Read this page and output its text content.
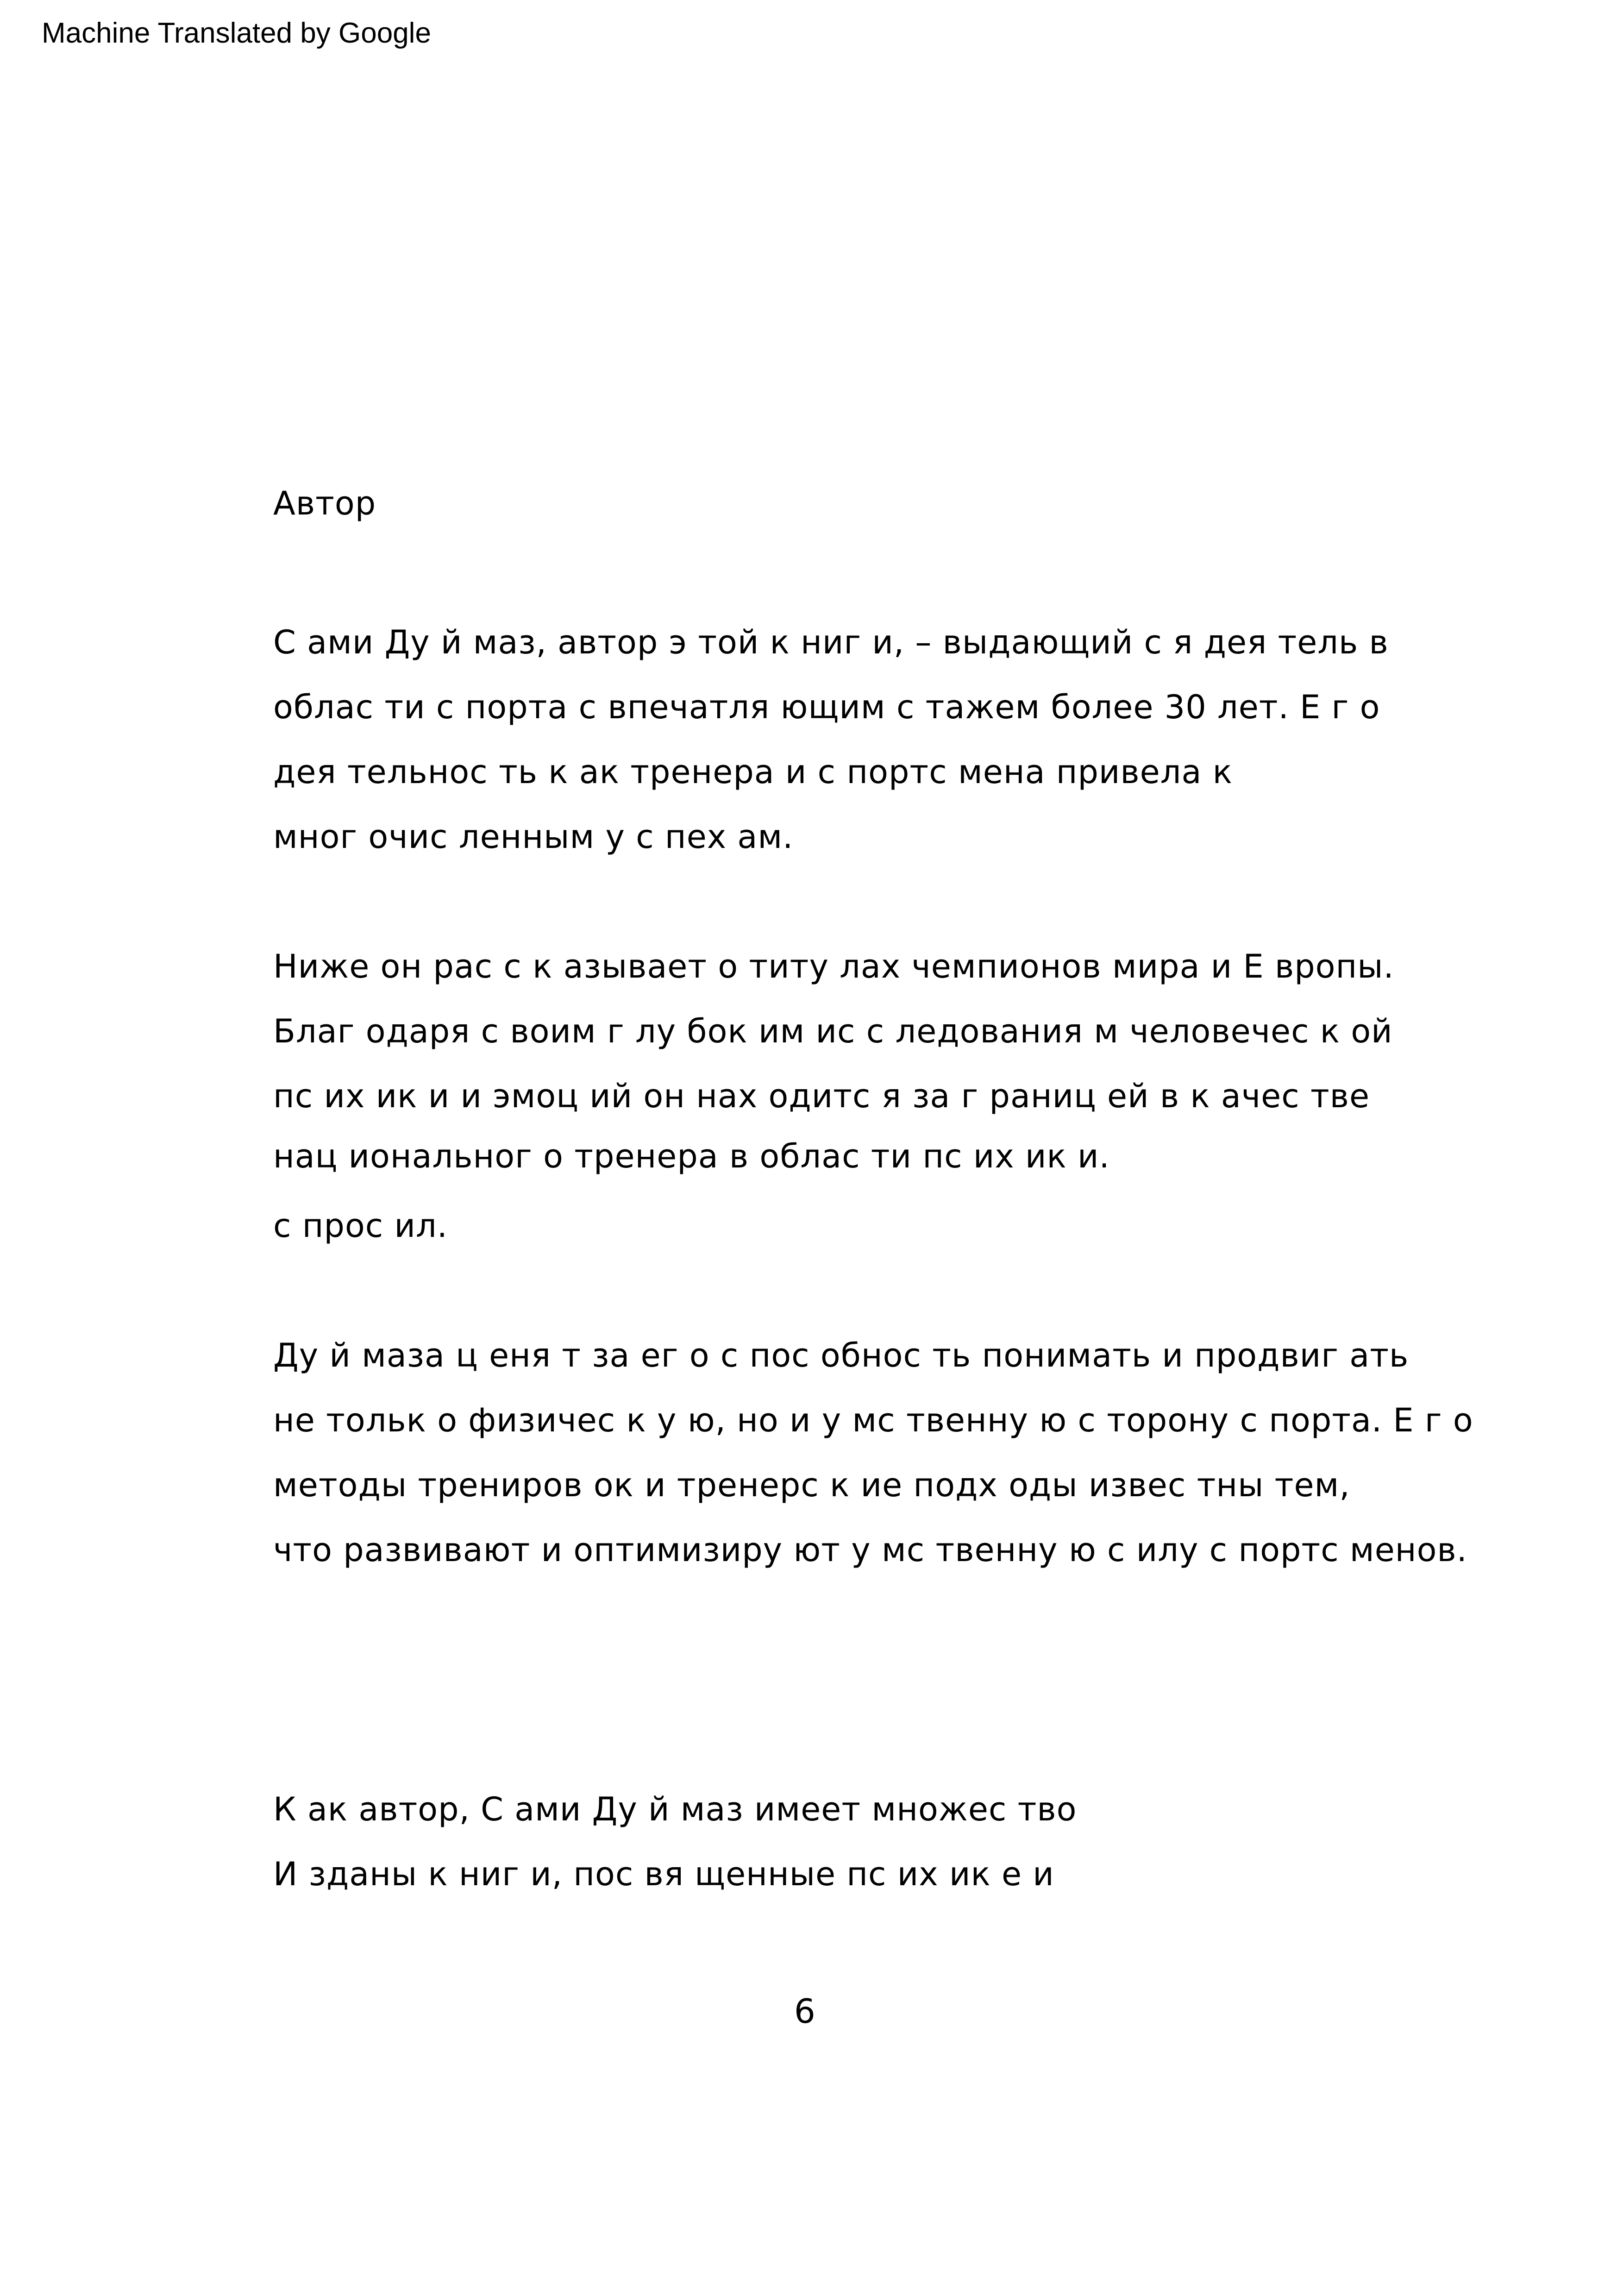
Machine Translated by Google
Автор
С ами Ду й маз, автор э той к ниг и, – выдающий с я дея тель в
облас ти с порта с впечатля ющим с тажем более 30 лет. Е г о
дея тельнос ть к ак тренера и с портс мена привела к
мног очис ленным у с пех ам.
Ниже он рас с к азывает о титу лах чемпионов мира и Е вропы.
Благ одаря с воим г лу бок им ис с ледования м человечес к ой
пс их ик и и эмоц ий он нах одитс я за г раниц ей в к ачес тве
нац иональног о тренера в облас ти пс их ик и.
с прос ил.
Ду й маза ц еня т за ег о с пос обнос ть понимать и продвиг ать
не тольк о физичес к у ю, но и у мс твенну ю с торону с порта. Е г о
методы трениров ок и тренерс к ие подх оды извес тны тем,
что развивают и оптимизиру ют у мс твенну ю с илу с портс менов.
К ак автор, С ами Ду й маз имеет множес тво
И зданы к ниг и, пос вя щенные пс их ик е и
6
